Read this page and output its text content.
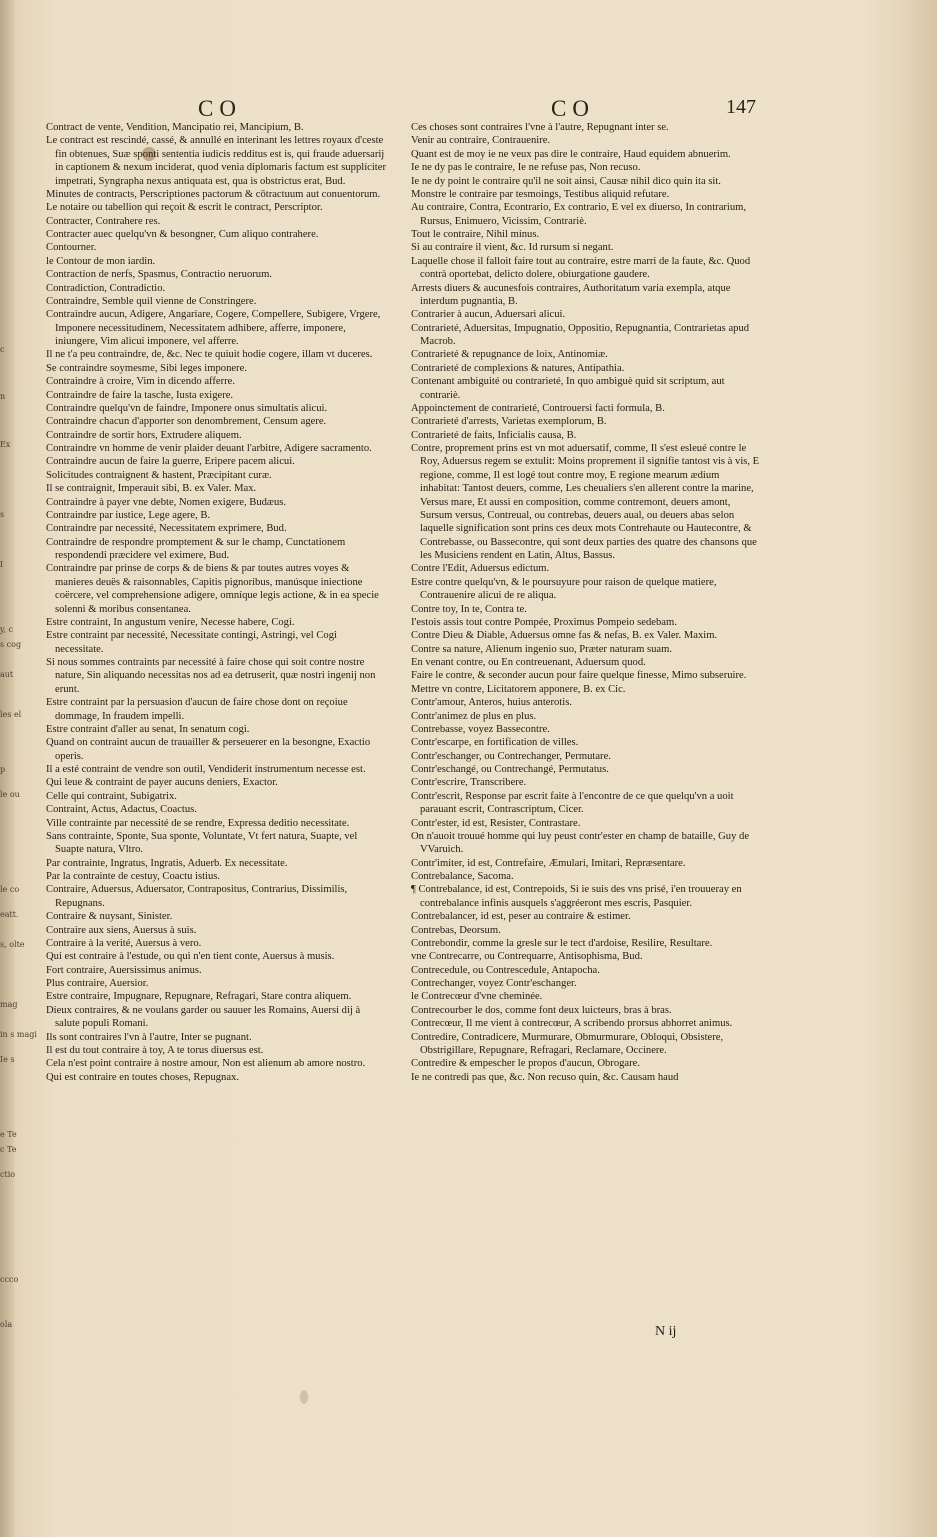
c
n
Ex
s
I
y, c
s cog
aut
les el
p
le ou
le co
eatt.
s, olte
mag
in s magi
Ie s
e Te
c Te
ctio
ccco
ola
CO	CO	147

Contract de vente, Vendition, Mancipatio rei, Mancipium, B.

Le contract est rescindé, cassé, & annullé en interinant les lettres royaux d'ceste fin obtenues, Suæ sponti sententia iudicis redditus est is, qui fraude aduersarij in captionem & nexum inciderat, quod venia diplomaris factum est supplíciter impetrati, Syngrapha nexus antiquata est, qua is obstrictus erat, Bud.

Minutes de contracts, Perscriptiones pactorum & cōtractuum aut conuentorum.

Le notaire ou tabellion qui reçoit & escrit le contract, Perscriptor.

Contracter, Contrahere res.

Contracter auec quelqu'vn & besongner, Cum aliquo contrahere.

Contourner.

le Contour de mon iardin.

Contraction de nerfs, Spasmus, Contractio neruorum.

Contradiction, Contradictio.

Contraindre, Semble quil vienne de Constringere.

Contraindre aucun, Adigere, Angariare, Cogere, Compellere, Subigere, Vrgere, Imponere necessitudinem, Necessitatem adhibere, afferre, imponere, iniungere, Vim alicui imponere, vel afferre.

Il ne t'a peu contraindre, de, &c. Nec te quiuit hodie cogere, illam vt duceres.

Se contraindre soymesme, Sibi leges imponere.

Contraindre à croire, Vim in dicendo afferre.

Contraindre de faire la tasche, Iusta exigere.

Contraindre quelqu'vn de faindre, Imponere onus simultatis alicui.

Contraindre chacun d'apporter son denombrement, Censum agere.

Contraindre de sortir hors, Extrudere aliquem.

Contraindre vn homme de venir plaider deuant l'arbitre, Adigere sacramento.

Contraindre aucun de faire la guerre, Eripere pacem alicui.

Solicitudes contraignent & hastent, Præcipitant curæ.

Il se contraignit, Imperauit sibi, B. ex Valer. Max.

Contraindre à payer vne debte, Nomen exigere, Budæus.

Contraindre par iustice, Lege agere, B.

Contraindre par necessité, Necessitatem exprimere, Bud.

Contraindre de respondre promptement & sur le champ, Cunctationem respondendi præcidere vel eximere, Bud.

Contraindre par prinse de corps & de biens & par toutes autres voyes & manieres deuës & raisonnables, Capitis pignoribus, manúsque iniectione coërcere, vel comprehensione adigere, omníque legis actione, & in ea specie solenni & moribus consentanea.

Estre contraint, In angustum venire, Necesse habere, Cogi.

Estre contraint par necessité, Necessitate contingi, Astringi, vel Cogi necessitate.

Si nous sommes contraints par necessité à faire chose qui soit contre nostre nature, Sin aliquando necessitas nos ad ea detruserit, quæ nostri ingenij non erunt.

Estre contraint par la persuasion d'aucun de faire chose dont on reçoiue dommage, In fraudem impelli.

Estre contraint d'aller au senat, In senatum cogi.

Quand on contraint aucun de trauailler & perseuerer en la besongne, Exactio operis.

Il a esté contraint de vendre son outil, Vendiderit instrumentum necesse est.

Qui leue & contraint de payer aucuns deniers, Exactor.

Celle qui contraint, Subigatrix.

Contraint, Actus, Adactus, Coactus.

Ville contrainte par necessité de se rendre, Expressa deditio necessitate.

Sans contrainte, Sponte, Sua sponte, Voluntate, Vt fert natura, Suapte, vel Suapte natura, Vltro.

Par contrainte, Ingratus, Ingratis, Aduerb. Ex necessitate.

Par la contrainte de cestuy, Coactu istius.

Contraire, Aduersus, Aduersator, Contrapositus, Contrarius, Dissimilis, Repugnans.

Contraire & nuysant, Sinister.

Contraire aux siens, Auersus à suis.

Contraire à la verité, Auersus à vero.

Qui est contraire à l'estude, ou qui n'en tient conte, Auersus à musis.

Fort contraire, Auersissimus animus.

Plus contraire, Auersior.

Estre contraire, Impugnare, Repugnare, Refragari, Stare contra aliquem.

Dieux contraires, & ne voulans garder ou sauuer les Romains, Auersi dij à salute populi Romani.

Ils sont contraires l'vn à l'autre, Inter se pugnant.

Il est du tout contraire à toy, A te torus diuersus est.

Cela n'est point contraire à nostre amour, Non est alienum ab amore nostro.

Qui est contraire en toutes choses, Repugnax.

Ces choses sont contraires l'vne à l'autre, Repugnant inter se.

Venir au contraire, Contrauenire.

Quant est de moy ie ne veux pas dire le contraire, Haud equidem abnuerim.

Ie ne dy pas le contraire, Ie ne refuse pas, Non recuso.

Ie ne dy point le contraire qu'il ne soit ainsi, Causæ nihil dico quin ita sit.

Monstre le contraire par tesmoings, Testibus aliquid refutare.

Au contraire, Contra, Econtrario, Ex contrario, E vel ex diuerso, In contrarium, Rursus, Enimuero, Vicissim, Contrariè.

Tout le contraire, Nihil minus.

Si au contraire il vient, &c. Id rursum si negant.

Laquelle chose il falloit faire tout au contraire, estre marri de la faute, &c. Quod contrà oportebat, delicto dolere, obiurgatione gaudere.

Arrests diuers & aucunesfois contraires, Authoritatum varia exempla, atque interdum pugnantia, B.

Contrarier à aucun, Aduersari alicui.

Contrarieté, Aduersitas, Impugnatio, Oppositio, Repugnantia, Contrarietas apud Macrob.

Contrarieté & repugnance de loix, Antinomiæ.

Contrarieté de complexions & natures, Antipathia.

Contenant ambiguité ou contrarieté, In quo ambiguè quid sit scriptum, aut contrariè.

Appoinctement de contrarieté, Controuersi facti formula, B.

Contrarieté d'arrests, Varietas exemplorum, B.

Contrarieté de faits, Inficialis causa, B.

Contre, proprement prins est vn mot aduersatif, comme, Il s'est esleué contre le Roy, Aduersus regem se extulit: Moins proprement il signifie tantost vis à vis, E regione, comme, Il est logé tout contre moy, E regione mearum ædium inhabitat: Tantost deuers, comme, Les cheualiers s'en allerent contre la marine, Versus mare, Et aussi en composition, comme contremont, deuers amont, Sursum versus, Contreual, ou contrebas, deuers aual, ou deuers abas selon laquelle signification sont prins ces deux mots Contrehaute ou Hautecontre, & Contrebasse, ou Bassecontre, qui sont deux parties des quatre des chansons que les Musiciens rendent en Latin, Altus, Bassus.

Contre l'Edit, Aduersus edictum.

Estre contre quelqu'vn, & le poursuyure pour raison de quelque matiere, Contrauenire alicui de re aliqua.

Contre toy, In te, Contra te.

I'estois assis tout contre Pompée, Proximus Pompeio sedebam.

Contre Dieu & Diable, Aduersus omne fas & nefas, B. ex Valer. Maxim.

Contre sa nature, Alienum ingenio suo, Præter naturam suam.

En venant contre, ou En contreuenant, Aduersum quod.

Faire le contre, & seconder aucun pour faire quelque finesse, Mimo subseruire.

Mettre vn contre, Licitatorem apponere, B. ex Cic.

Contr'amour, Anteros, huius anterotis.

Contr'animez de plus en plus.

Contrebasse, voyez Bassecontre.

Contr'escarpe, en fortification de villes.

Contr'eschanger, ou Contrechanger, Permutare.

Contr'eschangé, ou Contrechangé, Permutatus.

Contr'escrire, Transcribere.

Contr'escrit, Response par escrit faite à l'encontre de ce que quelqu'vn a uoit parauant escrit, Contrascriptum, Cicer.

Contr'ester, id est, Resister, Contrastare.

On n'auoit trouué homme qui luy peust contr'ester en champ de bataille, Guy de VVaruich.

Contr'imiter, id est, Contrefaire, Æmulari, Imitari, Repræsentare.

Contrebalance, Sacoma.

¶ Contrebalance, id est, Contrepoids, Si ie suis des vns prisé, i'en trouueray en contrebalance infinis ausquels s'aggréeront mes escris, Pasquier.

Contrebalancer, id est, peser au contraire & estimer.

Contrebas, Deorsum.

Contrebondir, comme la gresle sur le tect d'ardoise, Resilire, Resultare.

vne Contrecarre, ou Contrequarre, Antisophisma, Bud.

Contrecedule, ou Contrescedule, Antapocha.

Contrechanger, voyez Contr'eschanger.

le Contrecœur d'vne cheminée.

Contrecourber le dos, comme font deux luicteurs, bras à bras.

Contrecœur, Il me vient à contrecœur, A scribendo prorsus abhorret animus.

Contredire, Contradicere, Murmurare, Obmurmurare, Obloqui, Obsistere, Obstrigillare, Repugnare, Refragari, Reclamare, Occinere.

Contredire & empescher le propos d'aucun, Obrogare.

Ie ne contredi pas que, &c. Non recuso quin, &c. Causam haud

N ij
